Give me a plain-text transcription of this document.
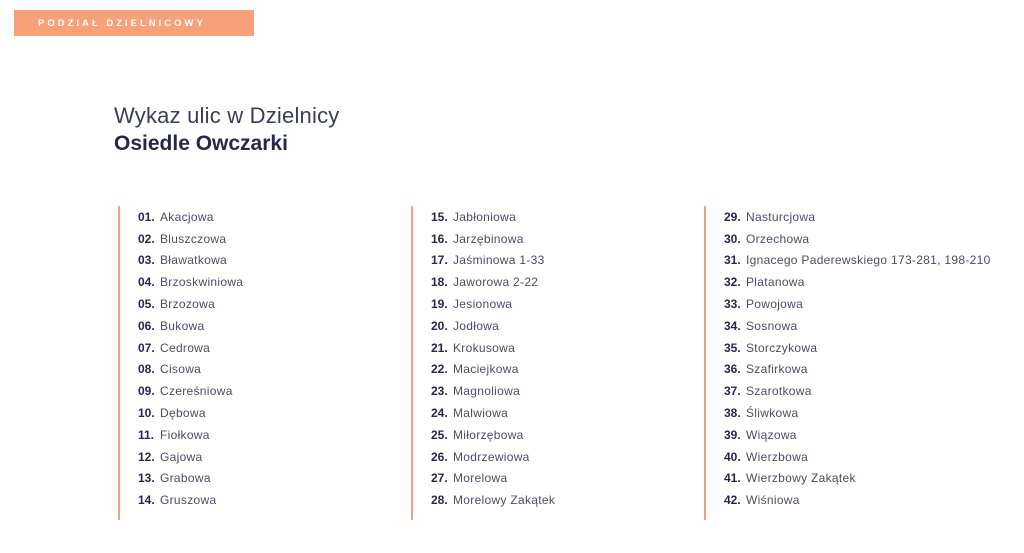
PODZIAŁ DZIELNICOWY
Wykaz ulic w Dzielnicy
Osiedle Owczarki
01. Akacjowa
02. Bluszczowa
03. Bławatkowa
04. Brzoskwiniowa
05. Brzozowa
06. Bukowa
07. Cedrowa
08. Cisowa
09. Czereśniowa
10. Dębowa
11. Fiołkowa
12. Gajowa
13. Grabowa
14. Gruszowa
15. Jabłoniowa
16. Jarzębinowa
17. Jaśminowa 1-33
18. Jaworowa 2-22
19. Jesionowa
20. Jodłowa
21. Krokusowa
22. Maciejkowa
23. Magnoliowa
24. Malwiowa
25. Miłorzębowa
26. Modrzewiowa
27. Morelowa
28. Morelowy Zakątek
29. Nasturcjowa
30. Orzechowa
31. Ignacego Paderewskiego 173-281, 198-210
32. Platanowa
33. Powojowa
34. Sosnowa
35. Storczykowa
36. Szafirkowa
37. Szarotkowa
38. Śliwkowa
39. Wiązowa
40. Wierzbowa
41. Wierzbowy Zakątek
42. Wiśniowa
